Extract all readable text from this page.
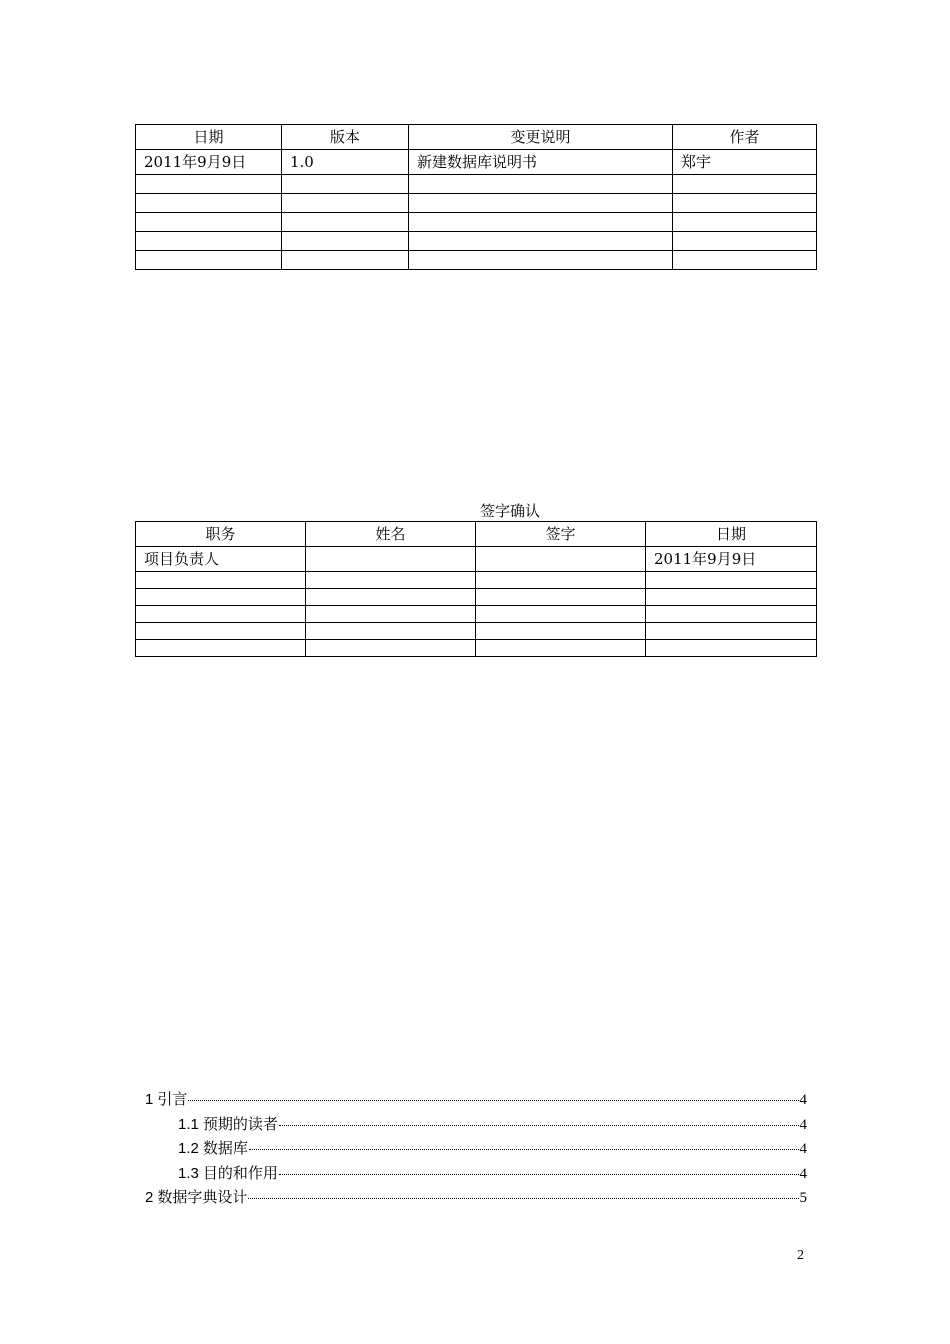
日期	版本	变更说明	作者
2011年9月9日	1.0	新建数据库说明书	郑宇

签字确认
职务	姓名	签字	日期
项目负责人			2011年9月9日

1 引言	4
1.1 预期的读者	4
1.2 数据库	4
1.3 目的和作用	4
2 数据字典设计	5
2
